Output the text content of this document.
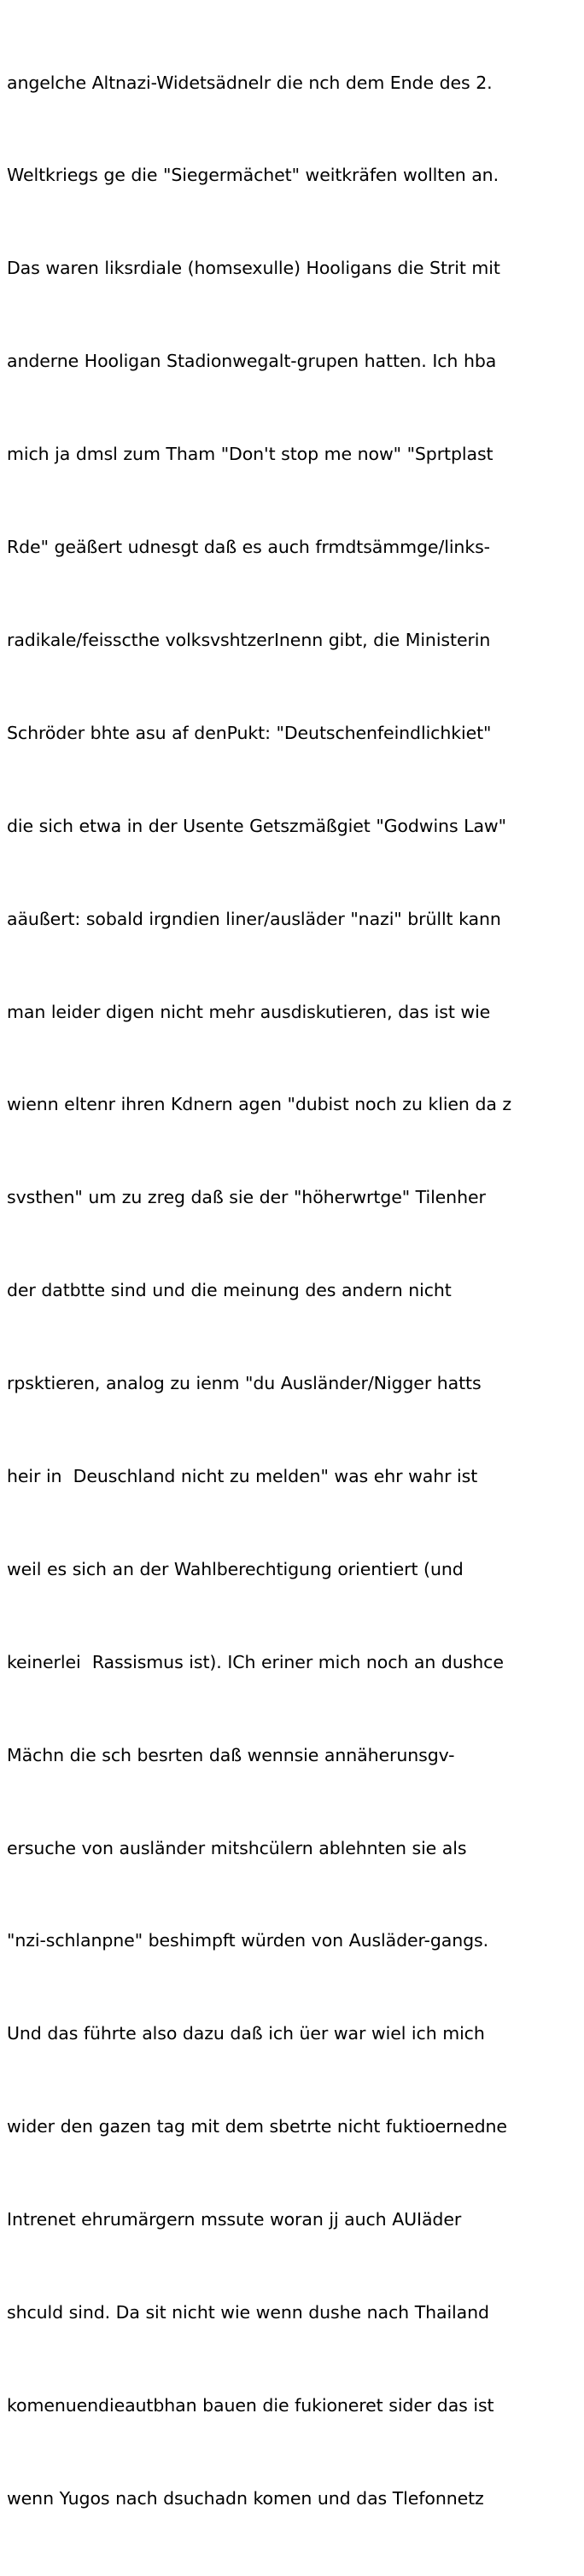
angelche Altnazi-Widetsädnelr die nch dem Ende des 2.

Weltkriegs ge die "Siegermächet" weitkräfen wollten an.

Das waren liksrdiale (homsexulle) Hooligans die Strit mit

anderne Hooligan Stadionwegalt-grupen hatten. Ich hba

mich ja dmsl zum Tham "Don't stop me now" "Sprtplast

Rde" geäßert udnesgt daß es auch frmdtsämmge/links-

radikale/feisscthe volksvshtzerInenn gibt, die Ministerin

Schröder bhte asu af denPukt: "Deutschenfeindlichkiet"

die sich etwa in der Usente Getszmäßgiet "Godwins Law"

aäußert: sobald irgndien liner/ausläder "nazi" brüllt kann

man leider digen nicht mehr ausdiskutieren, das ist wie

wienn eltenr ihren Kdnern agen "dubist noch zu klien da z

svsthen" um zu zreg daß sie der "höherwrtge" Tilenher

der datbtte sind und die meinung des andern nicht

rpsktieren, analog zu ienm "du Ausländer/Nigger hatts

heir in  Deuschland nicht zu melden" was ehr wahr ist

weil es sich an der Wahlberechtigung orientiert (und

keinerlei  Rassismus ist). ICh eriner mich noch an dushce

Mächn die sch besrten daß wennsie annäherunsgv-

ersuche von ausländer mitshcülern ablehnten sie als

"nzi-schlanpne" beshimpft würden von Ausläder-gangs.

Und das führte also dazu daß ich üer war wiel ich mich

wider den gazen tag mit dem sbetrte nicht fuktioernedne

Intrenet ehrumärgern mssute woran jj auch AUIäder

shculd sind. Da sit nicht wie wenn dushe nach Thailand

komenuendieautbhan bauen die fukioneret sider das ist

wenn Yugos nach dsuchadn komen und das Tlefonnetz
